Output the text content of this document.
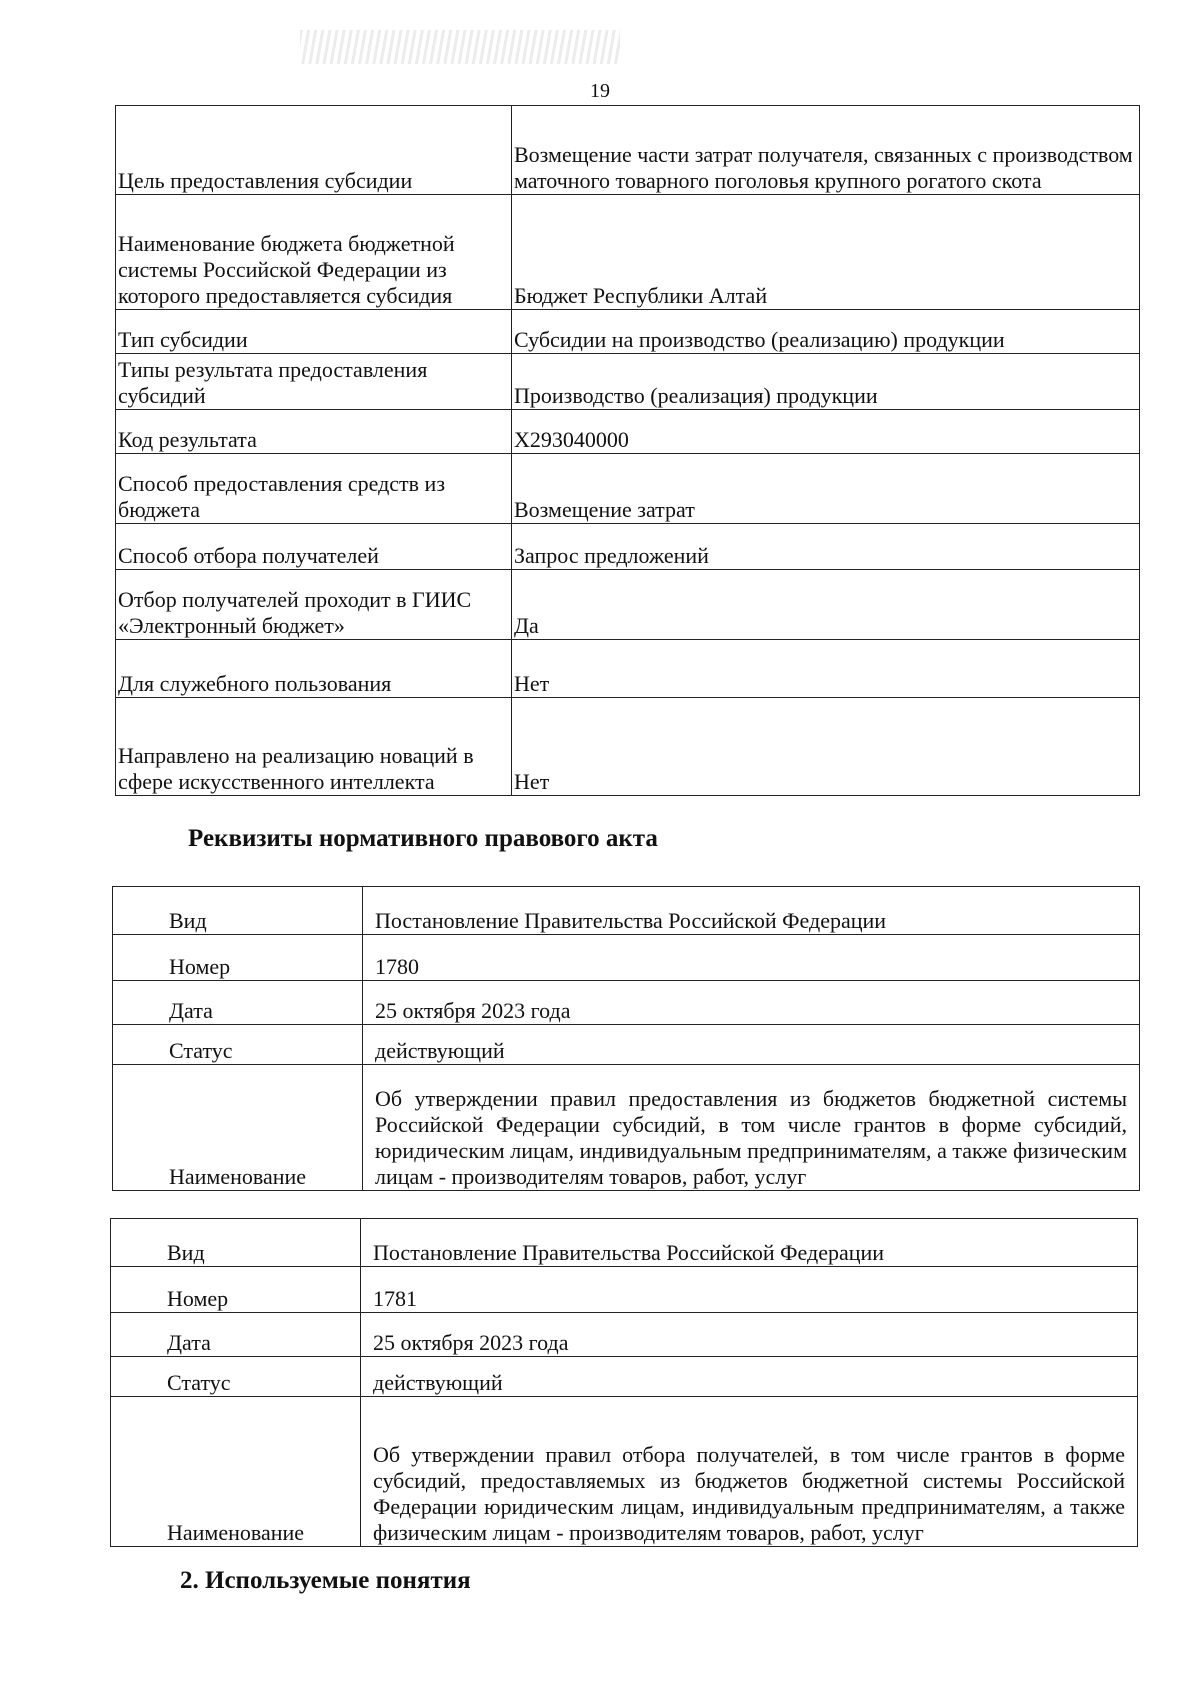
19
Цель предоставления субсидии	Возмещение части затрат получателя, связанных с производством маточного товарного поголовья крупного рогатого скота
Наименование бюджета бюджетной системы Российской Федерации из которого предоставляется субсидия	Бюджет Республики Алтай
Тип субсидии	Субсидии на производство (реализацию) продукции
Типы результата предоставления субсидий	Производство (реализация) продукции
Код результата	X293040000
Способ предоставления средств из бюджета	Возмещение затрат
Способ отбора получателей	Запрос предложений
Отбор получателей проходит в ГИИС «Электронный бюджет»	Да
Для служебного пользования	Нет
Направлено на реализацию новаций в сфере искусственного интеллекта	Нет
Реквизиты нормативного правового акта
Вид	Постановление Правительства Российской Федерации
Номер	1780
Дата	25 октября 2023 года
Статус	действующий
Наименование	Об утверждении правил предоставления из бюджетов бюджетной системы Российской Федерации субсидий, в том числе грантов в форме субсидий, юридическим лицам, индивидуальным предпринимателям, а также физическим лицам - производителям товаров, работ, услуг
Вид	Постановление Правительства Российской Федерации
Номер	1781
Дата	25 октября 2023 года
Статус	действующий
Наименование	Об утверждении правил отбора получателей, в том числе грантов в форме субсидий, предоставляемых из бюджетов бюджетной системы Российской Федерации юридическим лицам, индивидуальным предпринимателям, а также физическим лицам - производителям товаров, работ, услуг
2. Используемые понятия
